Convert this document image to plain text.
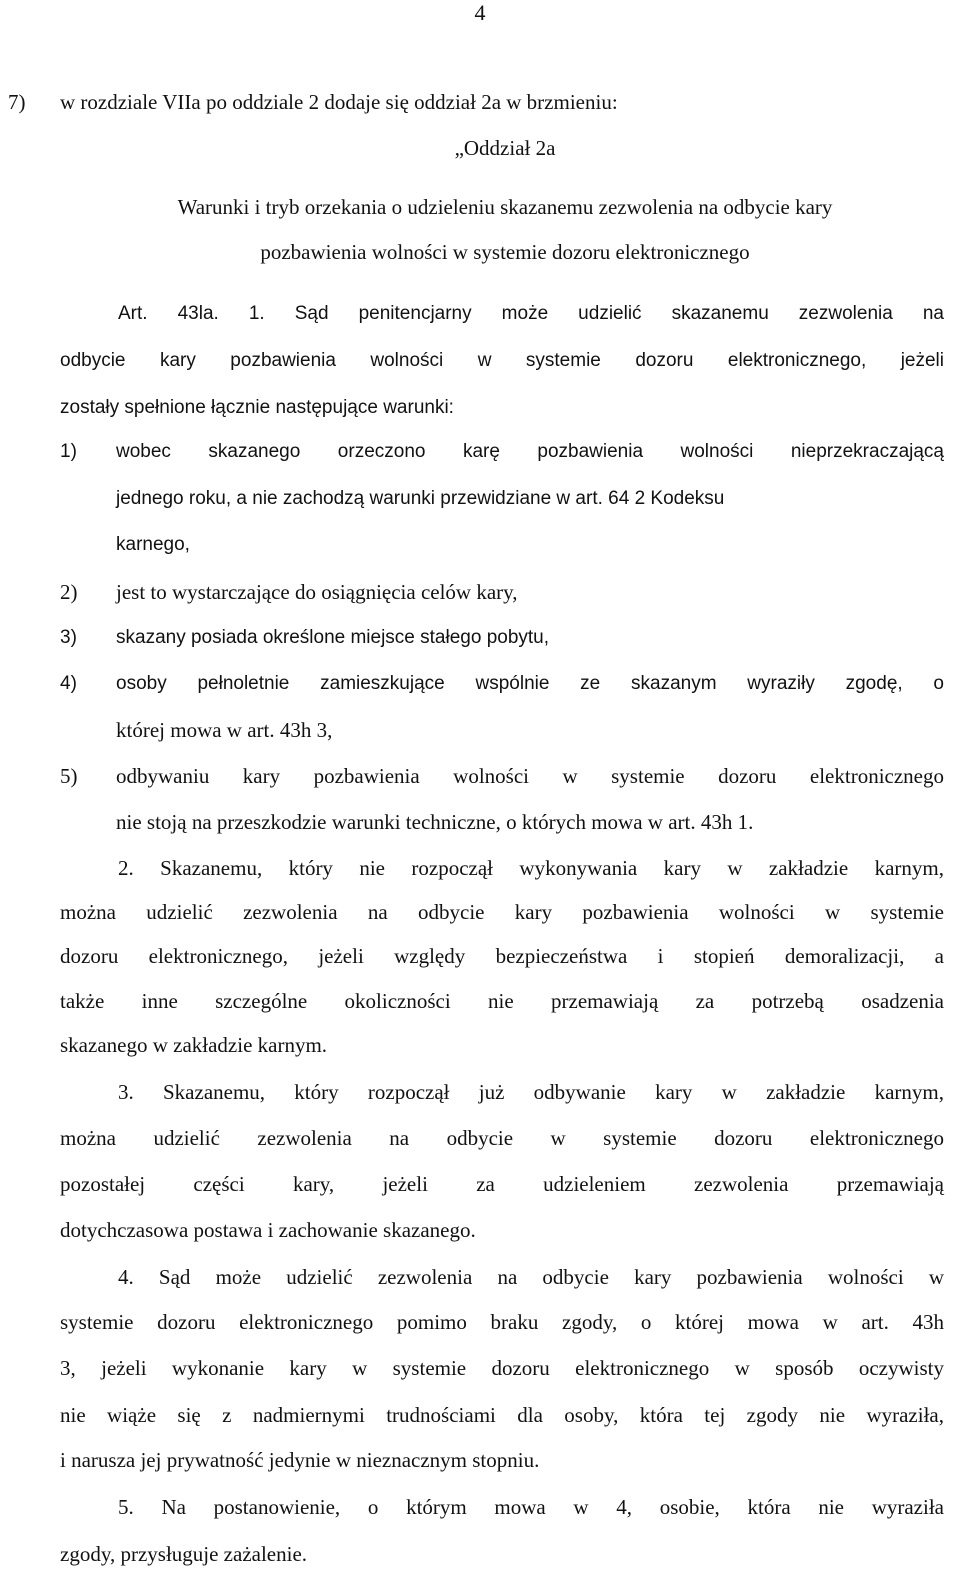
4
7) w rozdziale VIIa po oddziale 2 dodaje się oddział 2a w brzmieniu:
„Oddział 2a
Warunki i tryb orzekania o udzieleniu skazanemu zezwolenia na odbycie kary
pozbawienia wolności w systemie dozoru elektronicznego
Art. 43la. 1. Sąd penitencjarny może udzielić skazanemu zezwolenia na
odbycie kary pozbawienia wolności w systemie dozoru elektronicznego, jeżeli
zostały spełnione łącznie następujące warunki:
1) wobec skazanego orzeczono karę pozbawienia wolności nieprzekraczającą
jednego roku, a nie zachodzą warunki przewidziane w art. 64 2 Kodeksu
karnego,
2) jest to wystarczające do osiągnięcia celów kary,
3) skazany posiada określone miejsce stałego pobytu,
4) osoby pełnoletnie zamieszkujące wspólnie ze skazanym wyraziły zgodę, o
której mowa w art. 43h 3,
5) odbywaniu kary pozbawienia wolności w systemie dozoru elektronicznego
nie stoją na przeszkodzie warunki techniczne, o których mowa w art. 43h 1.
2. Skazanemu, który nie rozpoczął wykonywania kary w zakładzie karnym,
można udzielić zezwolenia na odbycie kary pozbawienia wolności w systemie
dozoru elektronicznego, jeżeli względy bezpieczeństwa i stopień demoralizacji, a
także inne szczególne okoliczności nie przemawiają za potrzebą osadzenia
skazanego w zakładzie karnym.
3. Skazanemu, który rozpoczął już odbywanie kary w zakładzie karnym,
można udzielić zezwolenia na odbycie w systemie dozoru elektronicznego
pozostałej części kary, jeżeli za udzieleniem zezwolenia przemawiają
dotychczasowa postawa i zachowanie skazanego.
4. Sąd może udzielić zezwolenia na odbycie kary pozbawienia wolności w
systemie dozoru elektronicznego pomimo braku zgody, o której mowa w art. 43h
3, jeżeli wykonanie kary w systemie dozoru elektronicznego w sposób oczywisty
nie wiąże się z nadmiernymi trudnościami dla osoby, która tej zgody nie wyraziła,
i narusza jej prywatność jedynie w nieznacznym stopniu.
5. Na postanowienie, o którym mowa w 4, osobie, która nie wyraziła
zgody, przysługuje zażalenie.
